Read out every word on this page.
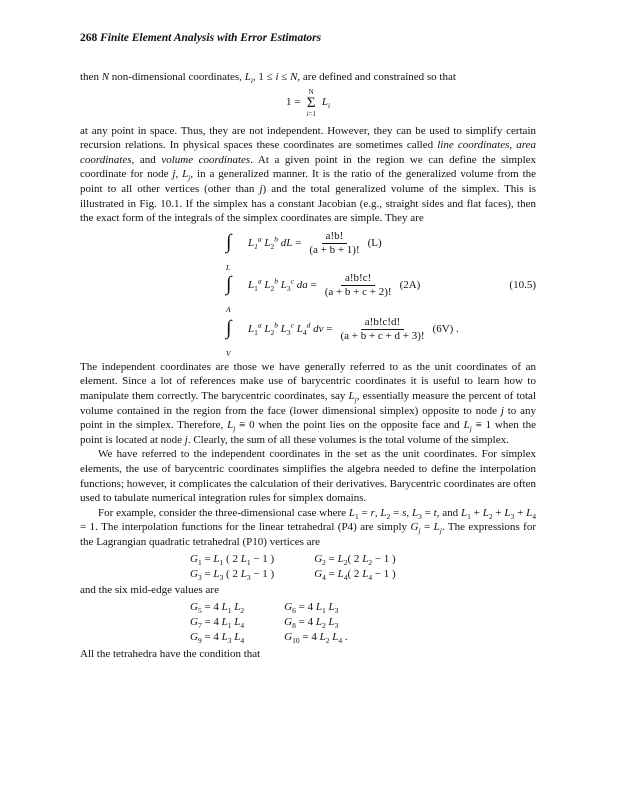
268 Finite Element Analysis with Error Estimators

then N non-dimensional coordinates, $L_i$, 1 ≤ i ≤ N, are defined and constrained so that

1 =
N
Σ
i=1
$L_i$

at any point in space. Thus, they are not independent. However, they can be used to simplify certain recursion relations. In physical spaces these coordinates are sometimes called line coordinates, area coordinates, and volume coordinates. At a given point in the region we can define the simplex coordinate for node j, $L_j$, in a generalized manner. It is the ratio of the generalized volume from the point to all other vertices (other than j) and the total generalized volume of the simplex. This is illustrated in Fig. 10.1. If the simplex has a constant Jacobian (e.g., straight sides and flat faces), then the exact form of the integrals of the simplex coordinates are simple. They are

∫
L
$L_1^a$ $L_2^b$ dL = $\frac{a!b!}{(a + b + 1)!} (L)$
∫
A
$L_1^a$ $L_2^b$ $L_3^c$ da = $\frac{a!b!c!}{(a + b + c + 2)!} (2A)$	(10.5)
∫
V
$L_1^a$ $L_2^b$ $L_3^c$ $L_4^d$ dv = $\frac{a!b!c!d!}{(a + b + c + d + 3)!} (6V)$ .

The independent coordinates are those we have generally referred to as the unit coordinates of an element. Since a lot of references make use of barycentric coordinates it is useful to learn how to manipulate them correctly. The barycentric coordinates, say $L_j$, essentially measure the percent of total volume contained in the region from the face (lower dimensional simplex) opposite to node j to any point in the simplex. Therefore, $L_j \equiv 0$ when the point lies on the opposite face and $L_j \equiv 1$ when the point is located at node j. Clearly, the sum of all these volumes is the total volume of the simplex.

We have referred to the independent coordinates in the set as the unit coordinates. For simplex elements, the use of barycentric coordinates simplifies the algebra needed to define the interpolation functions; however, it complicates the calculation of their derivatives. Barycentric coordinates are often used to tabulate numerical integration rules for simplex domains.

For example, consider the three-dimensional case where $L_1 = r$, $L_2 = s$, $L_3 = t$, and $L_1 + L_2 + L_3 + L_4 = 1$. The interpolation functions for the linear tetrahedral (P4) are simply $G_j = L_j$. The expressions for the Lagrangian quadratic tetrahedral (P10) vertices are

$G_1 = L_1$ ( 2 $L_1 - 1$ )		$G_2 = L_2$( 2 $L_2 - 1$ )
$G_3 = L_3$ ( 2 $L_3 - 1$ )		$G_4 = L_4$( 2 $L_4 - 1$ )

and the six mid-edge values are

$G_5 = 4$ $L_1$ $L_2$		$G_6 = 4$ $L_1$ $L_3$
$G_7 = 4$ $L_1$ $L_4$		$G_8 = 4$ $L_2$ $L_3$
$G_9 = 4$ $L_3$ $L_4$		$G_{10} = 4$ $L_2$ $L_4$ .

All the tetrahedra have the condition that
